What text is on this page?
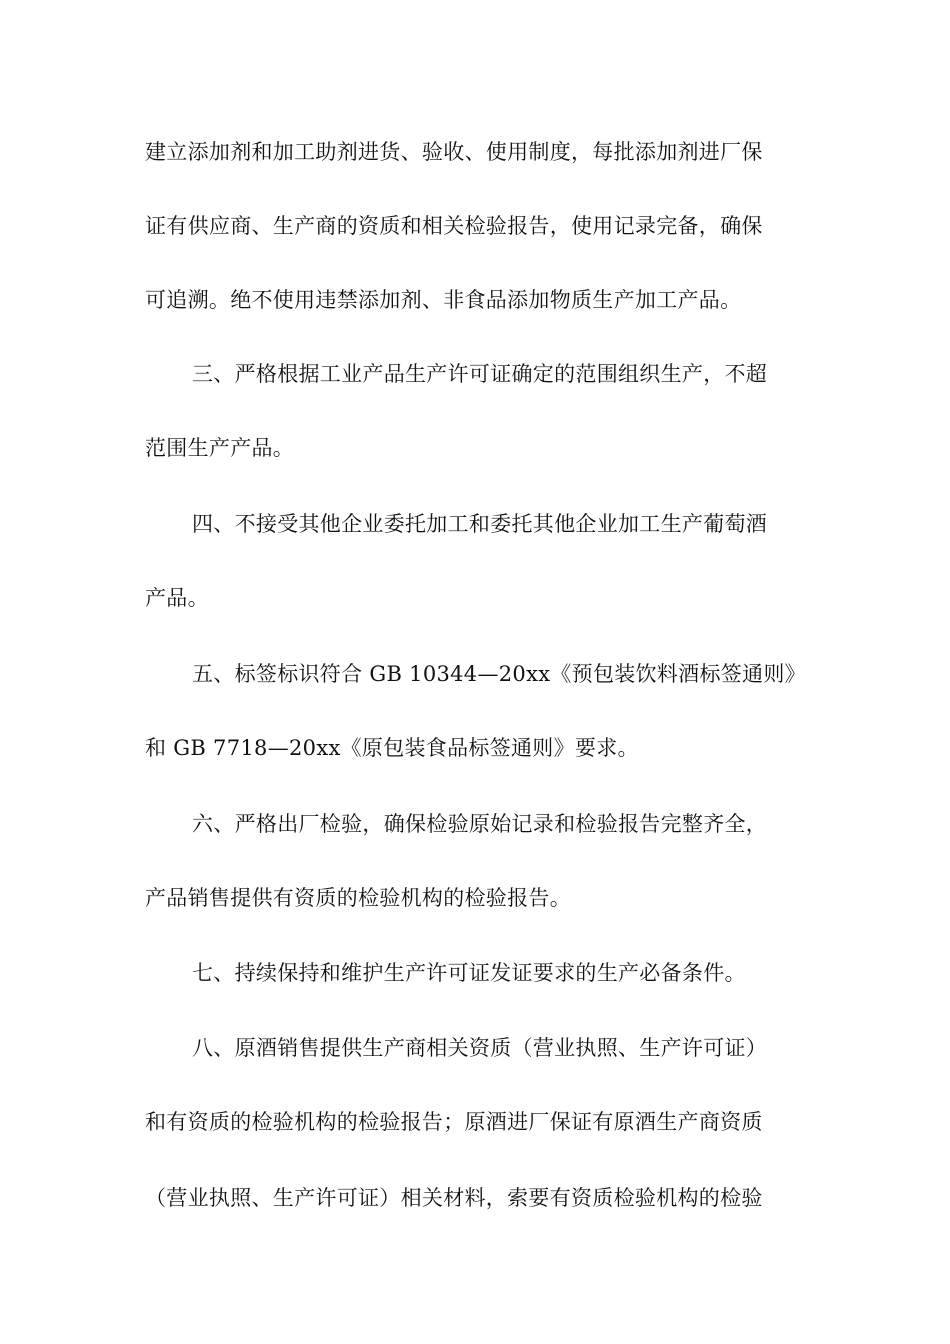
建立添加剂和加工助剂进货、验收、使用制度，每批添加剂进厂保
证有供应商、生产商的资质和相关检验报告，使用记录完备，确保
可追溯。绝不使用违禁添加剂、非食品添加物质生产加工产品。
三、严格根据工业产品生产许可证确定的范围组织生产，不超
范围生产产品。
四、不接受其他企业委托加工和委托其他企业加工生产葡萄酒
产品。
五、标签标识符合 GB 10344—20xx《预包装饮料酒标签通则》
和 GB 7718—20xx《原包装食品标签通则》要求。
六、严格出厂检验，确保检验原始记录和检验报告完整齐全，
产品销售提供有资质的检验机构的检验报告。
七、持续保持和维护生产许可证发证要求的生产必备条件。
八、原酒销售提供生产商相关资质（营业执照、生产许可证）
和有资质的检验机构的检验报告；原酒进厂保证有原酒生产商资质
（营业执照、生产许可证）相关材料，索要有资质检验机构的检验
